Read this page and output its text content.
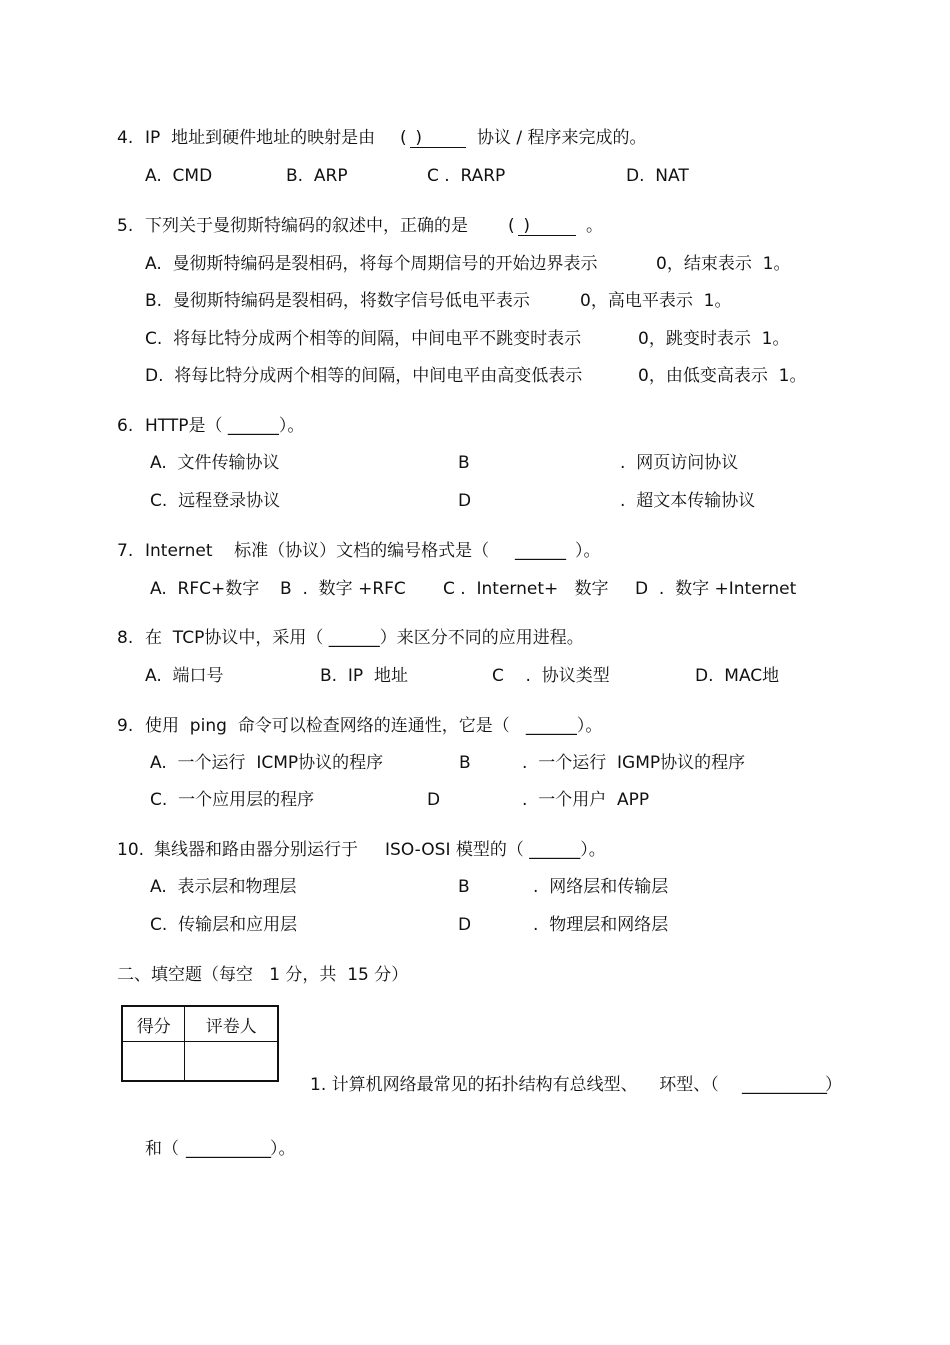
4. IP  地址到硬件地址的映射是由 ( )	协议 / 程序来完成的。
A.  CMD	B.  ARP	C .  RARP	D.  NAT
5. 下列关于曼彻斯特编码的叙述中，正确的是 ( )	。
A.  曼彻斯特编码是裂相码，将每个周期信号的开始边界表示	0，结束表示  1。
B.  曼彻斯特编码是裂相码，将数字信号低电平表示	0，高电平表示  1。
C.  将每比特分成两个相等的间隔，中间电平不跳变时表示	0，跳变时表示  1。
D.  将每比特分成两个相等的间隔，中间电平由高变低表示	0，由低变高表示  1。
6. HTTP是（ ______）。
A.  文件传输协议	B	.  网页访问协议
C.  远程登录协议	D	.  超文本传输协议
7. Internet    标准（协议）文档的编号格式是（ ______ ）。
A.  RFC+数字 B  .  数字 +RFC C .  Internet+   数字 D  .  数字 +Internet
8. 在  TCP协议中，采用（ ______）来区分不同的应用进程。
A.  端口号	B.  IP  地址	C    .  协议类型	D.  MAC地
9. 使用  ping  命令可以检查网络的连通性，它是（   ______）。
A.  一个运行  ICMP协议的程序	B	.  一个运行  IGMP协议的程序
C.  一个应用层的程序	D	.  一个用户  APP
10. 集线器和路由器分别运行于     ISO-OSI 模型的（ ______）。
A.  表示层和物理层	B	.  网络层和传输层
C.  传输层和应用层	D	.  物理层和网络层
二、填空题（每空   1 分，共  15 分）
得分	评卷人

1. 计算机网络最常见的拓扑结构有总线型、    环型、（ __________
）
和（ __________ ）。
